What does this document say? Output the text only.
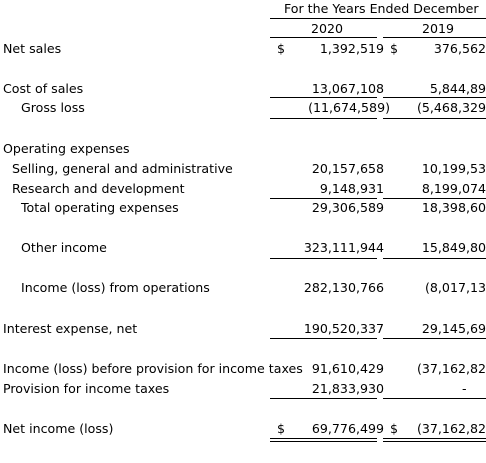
For the Years Ended December
2020	2019
Net sales	$	1,392,519 $	376,562
Cost of sales	13,067,108	5,844,89
Gross loss	(11,674,589)	(5,468,329
Operating expenses
Selling, general and administrative	20,157,658	10,199,53
Research and development	9,148,931	8,199,074
Total operating expenses	29,306,589	18,398,60
Other income	323,111,944	15,849,80
Income (loss) from operations	282,130,766	(8,017,13
Interest expense, net	190,520,337	29,145,69
Income (loss) before provision for income taxes 91,610,429	(37,162,82
Provision for income taxes	21,833,930	-
Net income (loss)	$ 69,776,499 $	(37,162,82
